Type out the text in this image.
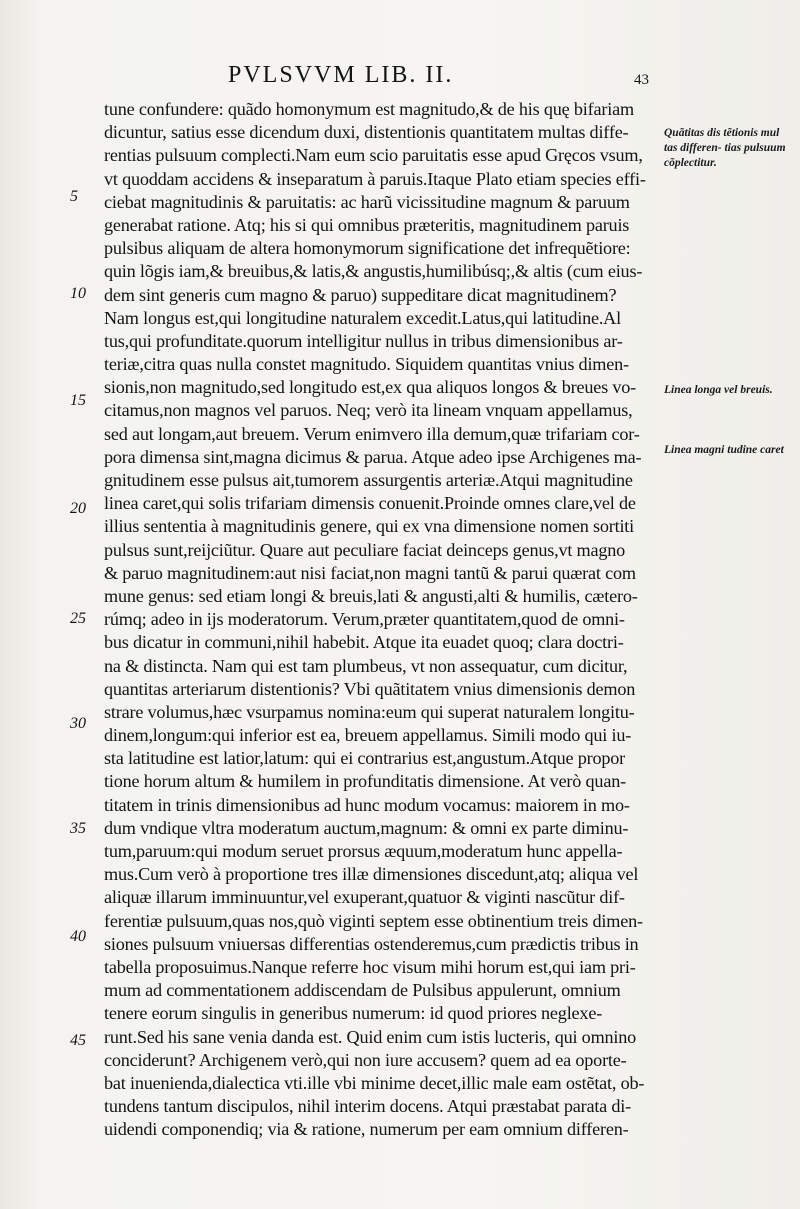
PVLSVVM LIB. II.	43
5
10
15
20
25
30
35
40
45
Quãtitas dis tẽtionis mul tas differen- tias pulsuum cõplectitur.
Linea longa vel breuis.
Linea magni tudine caret
tune confundere: quãdo homonymum est magnitudo,& de his quę bifariam
dicuntur, satius esse dicendum duxi, distentionis quantitatem multas diffe-
rentias pulsuum complecti.Nam eum scio paruitatis esse apud Gręcos vsum,
vt quoddam accidens & inseparatum à paruis.Itaque Plato etiam species effi-
ciebat magnitudinis & paruitatis: ac harũ vicissitudine magnum & paruum
generabat ratione. Atq; his si qui omnibus præteritis, magnitudinem paruis
pulsibus aliquam de altera homonymorum significatione det infrequẽtiore:
quin lõgis iam,& breuibus,& latis,& angustis,humilibúsq;,& altis (cum eius-
dem sint generis cum magno & paruo) suppeditare dicat magnitudinem?
Nam longus est,qui longitudine naturalem excedit.Latus,qui latitudine.Al
tus,qui profunditate.quorum intelligitur nullus in tribus dimensionibus ar-
teriæ,citra quas nulla constet magnitudo. Siquidem quantitas vnius dimen-
sionis,non magnitudo,sed longitudo est,ex qua aliquos longos & breues vo-
citamus,non magnos vel paruos. Neq; verò ita lineam vnquam appellamus,
sed aut longam,aut breuem. Verum enimvero illa demum,quæ trifariam cor-
pora dimensa sint,magna dicimus & parua. Atque adeo ipse Archigenes ma-
gnitudinem esse pulsus ait,tumorem assurgentis arteriæ.Atqui magnitudine
linea caret,qui solis trifariam dimensis conuenit.Proinde omnes clare,vel de
illius sententia à magnitudinis genere, qui ex vna dimensione nomen sortiti
pulsus sunt,reijciũtur. Quare aut peculiare faciat deinceps genus,vt magno
& paruo magnitudinem:aut nisi faciat,non magni tantũ & parui quærat com
mune genus: sed etiam longi & breuis,lati & angusti,alti & humilis, cætero-
rúmq; adeo in ijs moderatorum. Verum,præter quantitatem,quod de omni-
bus dicatur in communi,nihil habebit. Atque ita euadet quoq; clara doctri-
na & distincta. Nam qui est tam plumbeus, vt non assequatur, cum dicitur,
quantitas arteriarum distentionis? Vbi quãtitatem vnius dimensionis demon
strare volumus,hæc vsurpamus nomina:eum qui superat naturalem longitu-
dinem,longum:qui inferior est ea, breuem appellamus. Simili modo qui iu-
sta latitudine est latior,latum: qui ei contrarius est,angustum.Atque propor
tione horum altum & humilem in profunditatis dimensione. At verò quan-
titatem in trinis dimensionibus ad hunc modum vocamus: maiorem in mo-
dum vndique vltra moderatum auctum,magnum: & omni ex parte diminu-
tum,paruum:qui modum seruet prorsus æquum,moderatum hunc appella-
mus.Cum verò à proportione tres illæ dimensiones discedunt,atq; aliqua vel
aliquæ illarum imminuuntur,vel exuperant,quatuor & viginti nascũtur dif-
ferentiæ pulsuum,quas nos,quò viginti septem esse obtinentium treis dimen-
siones pulsuum vniuersas differentias ostenderemus,cum prædictis tribus in
tabella proposuimus.Nanque referre hoc visum mihi horum est,qui iam pri-
mum ad commentationem addiscendam de Pulsibus appulerunt, omnium
tenere eorum singulis in generibus numerum: id quod priores neglexe-
runt.Sed his sane venia danda est. Quid enim cum istis lucteris, qui omnino
conciderunt? Archigenem verò,qui non iure accusem? quem ad ea oporte-
bat inuenienda,dialectica vti.ille vbi minime decet,illic male eam ostẽtat, ob-
tundens tantum discipulos, nihil interim docens. Atqui præstabat parata di-
uidendi componendiq; via & ratione, numerum per eam omnium differen-
